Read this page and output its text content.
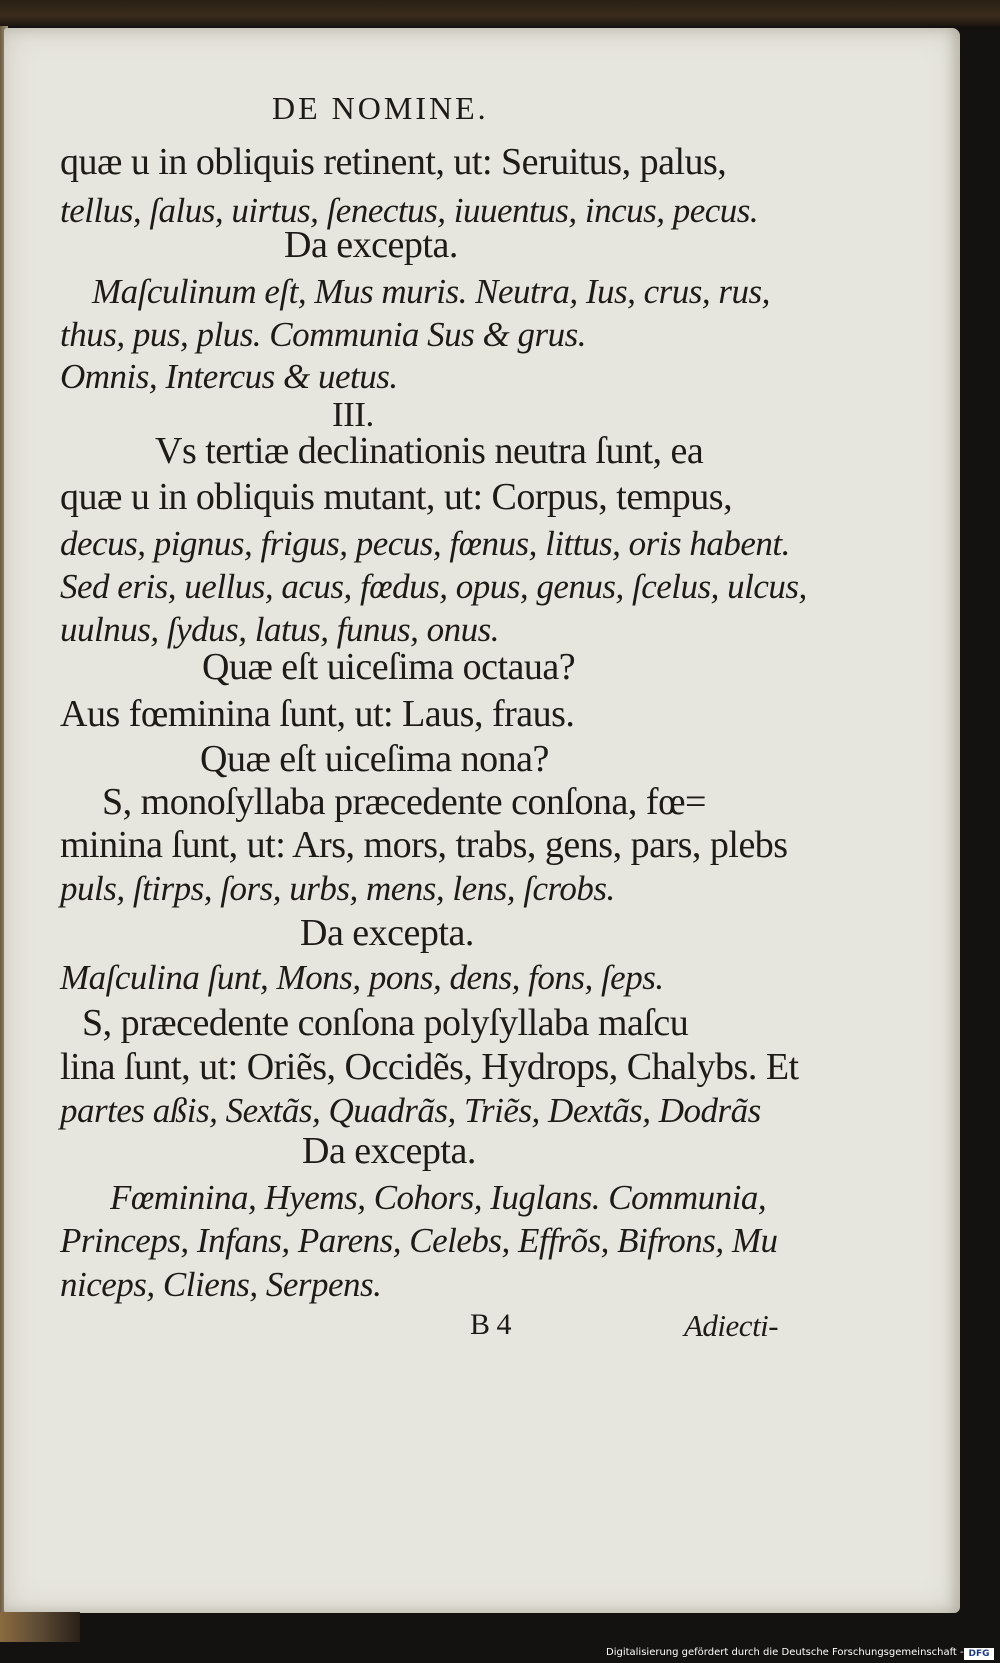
DE NOMINE.
quæ u in obliquis retinent, ut: Seruitus, palus,
tellus, ſalus, uirtus, ſenectus, iuuentus, incus, pecus.
Da excepta.
Maſculinum eſt, Mus muris. Neutra, Ius, crus, rus,
thus, pus, plus. Communia Sus & grus.
Omnis, Intercus & uetus.
III.
Vs tertiæ declinationis neutra ſunt, ea
quæ u in obliquis mutant, ut: Corpus, tempus,
decus, pignus, frigus, pecus, fœnus, littus, oris habent.
Sed eris, uellus, acus, fœdus, opus, genus, ſcelus, ulcus,
uulnus, ſydus, latus, funus, onus.
Quæ eſt uiceſima octaua?
Aus fœminina ſunt, ut: Laus, fraus.
Quæ eſt uiceſima nona?
S, monoſyllaba præcedente conſona, fœ=
minina ſunt, ut: Ars, mors, trabs, gens, pars, plebs
puls, ſtirps, ſors, urbs, mens, lens, ſcrobs.
Da excepta.
Maſculina ſunt, Mons, pons, dens, fons, ſeps.
S, præcedente conſona polyſyllaba maſcu
lina ſunt, ut: Oriẽs, Occidẽs, Hydrops, Chalybs. Et
partes aßis, Sextãs, Quadrãs, Triẽs, Dextãs, Dodrãs
Da excepta.
Fœminina, Hyems, Cohors, Iuglans. Communia,
Princeps, Infans, Parens, Celebs, Effrõs, Bifrons, Mu
niceps, Cliens, Serpens.
B 4	Adiecti-
Digitalisierung gefördert durch die Deutsche Forschungsgemeinschaft - DFG
